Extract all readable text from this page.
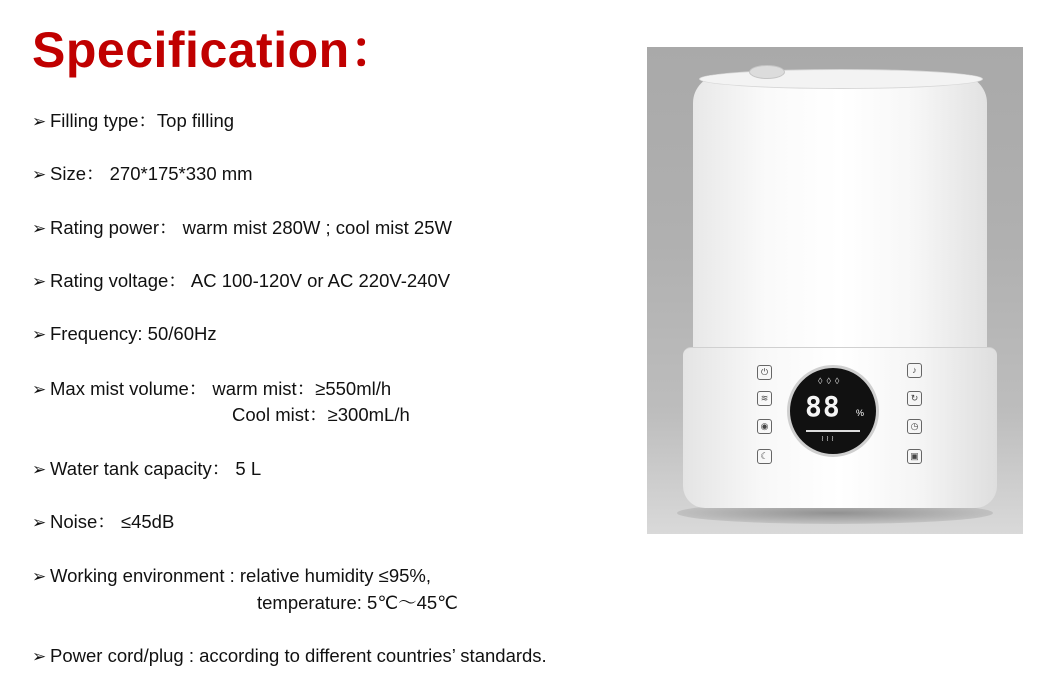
Specification：
➢ Filling type：Top filling
➢ Size： 270*175*330 mm
➢ Rating power： warm mist 280W ; cool mist 25W
➢ Rating voltage： AC 100-120V or AC 220V-240V
➢ Frequency: 50/60Hz
➢ Max mist volume： warm mist：≥550ml/h
Cool mist：≥300mL/h
➢ Water tank capacity： 5 L
➢ Noise： ≤45dB
➢ Working environment : relative humidity ≤95%,
temperature: 5℃～45℃
➢ Power cord/plug : according to different countries’ standards.
⏻
≋
◉
☾
♪
↻
◷
▣
◊◊◊
88 %
≀≀≀
